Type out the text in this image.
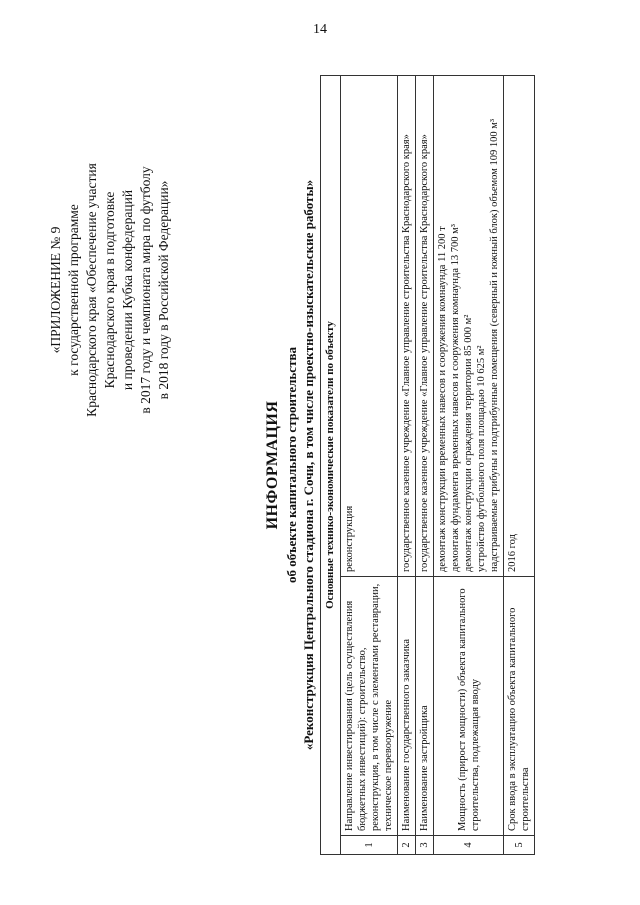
14
«ПРИЛОЖЕНИЕ № 9 к государственной программе Краснодарского края «Обеспечение участия Краснодарского края в подготовке и проведении Кубка конфедераций в 2017 году и чемпионата мира по футболу в 2018 году в Российской Федерации»
ИНФОРМАЦИЯ об объекте капитального строительства «Реконструкция Центрального стадиона г. Сочи, в том числе проектно-изыскательские работы» Основные технико-экономические показатели по объекту		
1	Направление инвестирования (цель осуществления бюджетных инвестиций): строительство, реконструкция, в том числе с элементами реставрации, техническое перевооружение	реконструкция

2	Наименование государственного заказчика	государственное казенное учреждение «Главное управление строительства Краснодарского края»

3	Наименование застройщика	государственное казенное учреждение «Главное управление строительства Краснодарского края»

4	Мощность (прирост мощности) объекта капитального строительства, подлежащая вводу	демонтаж конструкции временных навесов и сооружения комнаунда 11 200 т демонтаж фундамента временных навесов и сооружения комнаунда 13 700 м³ демонтаж конструкции ограждения территории 85 000 м² устройство футбольного поля площадью 10 625 м² надстраиваемые трибуны и подтрибунные помещения (северный и южный блок) объемом 109 100 м³

5	Срок ввода в эксплуатацию объекта капитального строительства	2016 год
